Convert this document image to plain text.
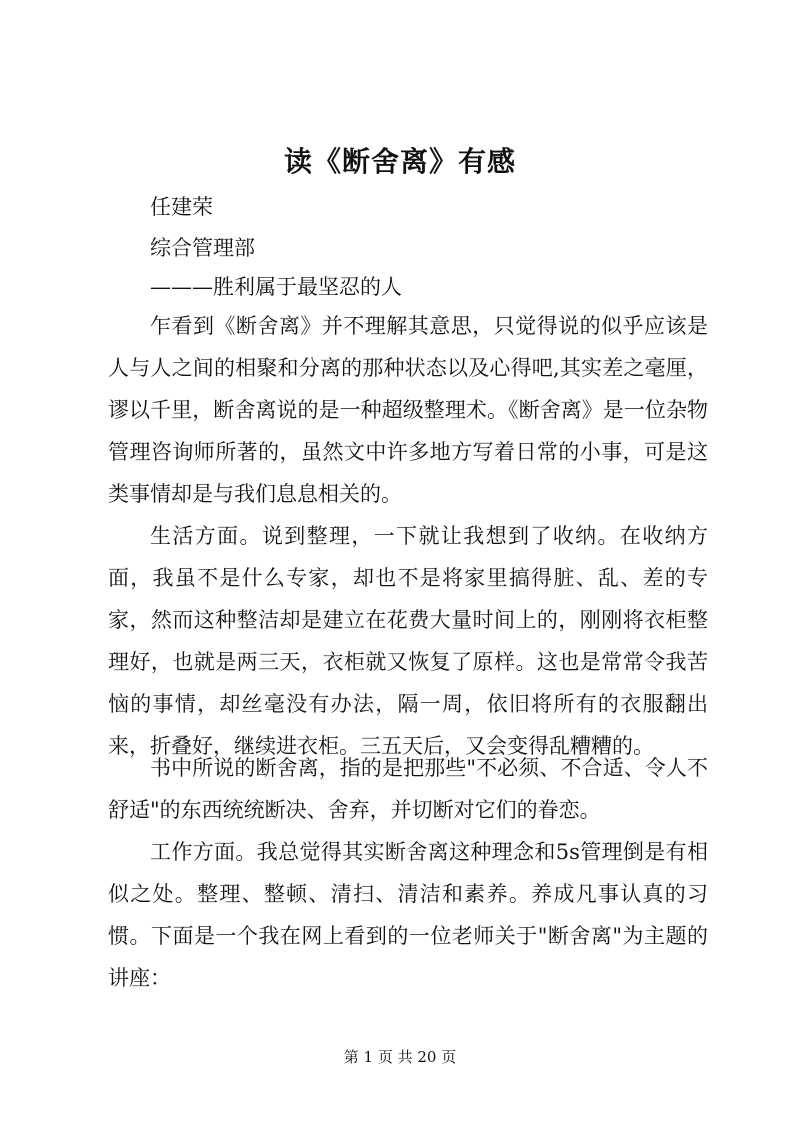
读《断舍离》有感

任建荣

综合管理部

———胜利属于最坚忍的人

乍看到《断舍离》并不理解其意思，只觉得说的似乎应该是人与人之间的相聚和分离的那种状态以及心得吧,其实差之毫厘，谬以千里，断舍离说的是一种超级整理术。《断舍离》是一位杂物管理咨询师所著的，虽然文中许多地方写着日常的小事，可是这类事情却是与我们息息相关的。

生活方面。说到整理，一下就让我想到了收纳。在收纳方面，我虽不是什么专家，却也不是将家里搞得脏、乱、差的专家，然而这种整洁却是建立在花费大量时间上的，刚刚将衣柜整理好，也就是两三天，衣柜就又恢复了原样。这也是常常令我苦恼的事情，却丝毫没有办法，隔一周，依旧将所有的衣服翻出来，折叠好，继续进衣柜。三五天后，又会变得乱糟糟的。

书中所说的断舍离，指的是把那些"不必须、不合适、令人不舒适"的东西统统断决、舍弃，并切断对它们的眷恋。

工作方面。我总觉得其实断舍离这种理念和5s管理倒是有相似之处。整理、整顿、清扫、清洁和素养。养成凡事认真的习惯。下面是一个我在网上看到的一位老师关于"断舍离"为主题的讲座：

第 1 页 共 20 页
